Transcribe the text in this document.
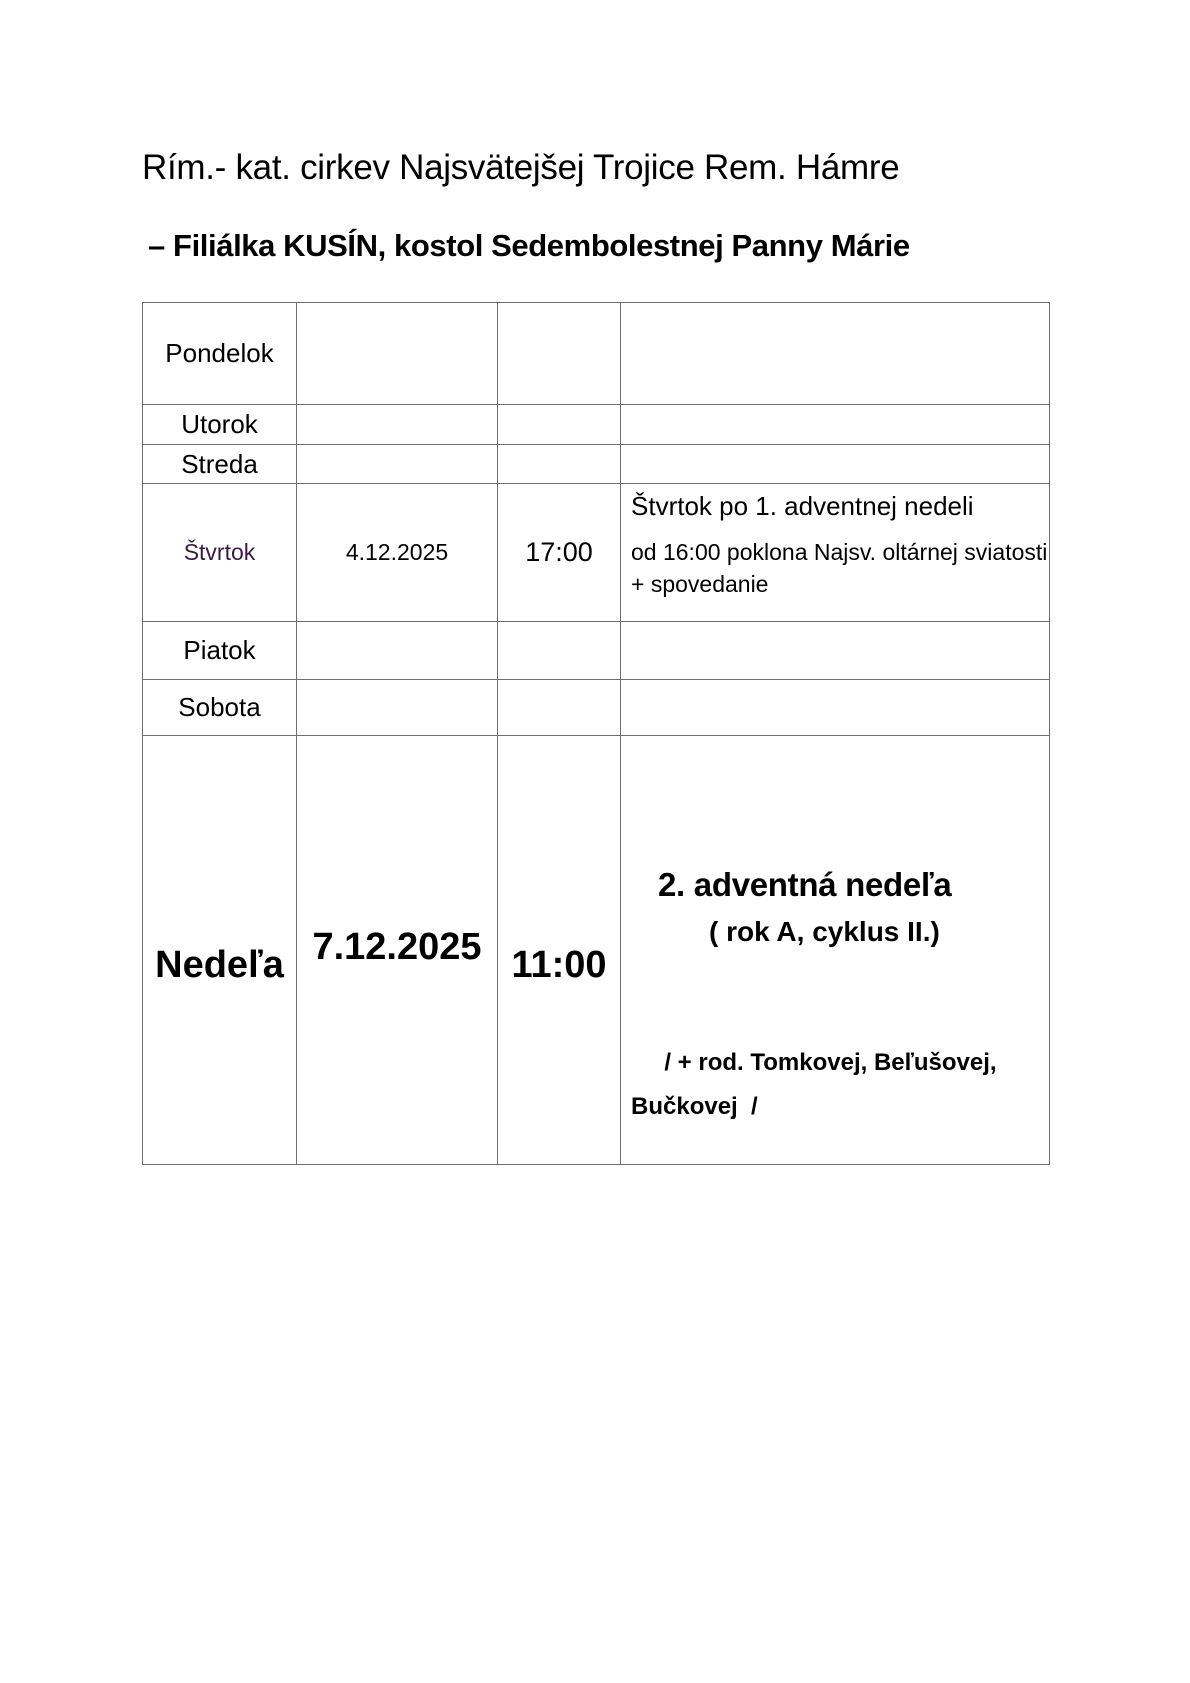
Rím.- kat. cirkev Najsvätejšej Trojice Rem. Hámre
– Filiálka KUSÍN, kostol Sedembolestnej Panny Márie
Pondelok			
Utorok			
Streda			
Štvrtok	4.12.2025	17:00	Štvrtok po 1. adventnej nedeli
od 16:00 poklona Najsv. oltárnej sviatosti + spovedanie

Piatok			
Sobota			
Nedeľa	7.12.2025	11:00	2. adventná nedeľa
( rok A, cyklus II.)
/ + rod. Tomkovej, Beľušovej, Bučkovej  /
